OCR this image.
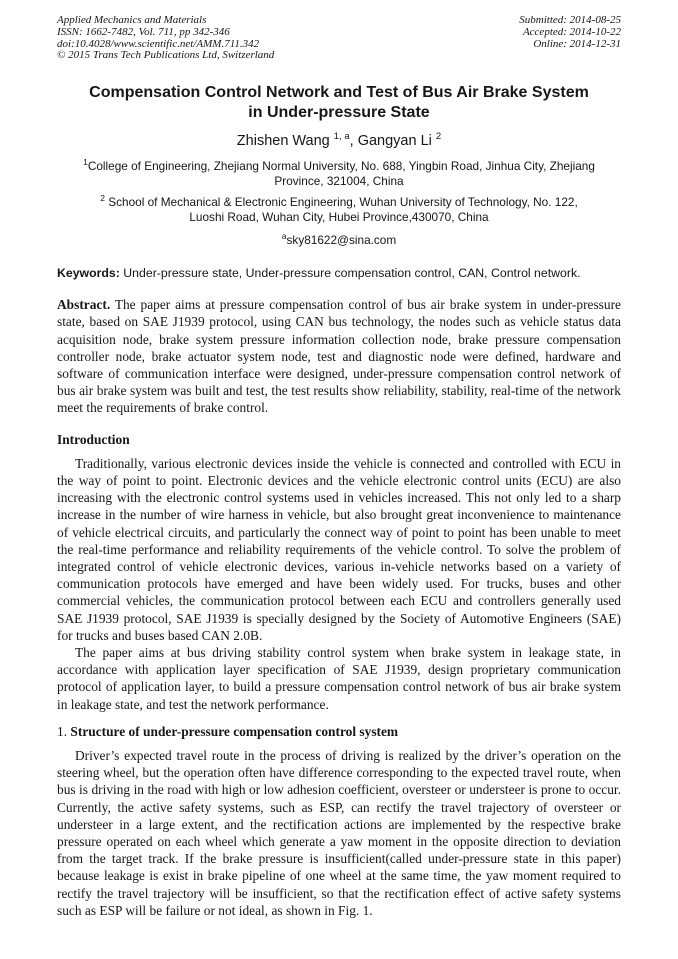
Applied Mechanics and Materials
ISSN: 1662-7482, Vol. 711, pp 342-346
doi:10.4028/www.scientific.net/AMM.711.342
© 2015 Trans Tech Publications Ltd, Switzerland
Submitted: 2014-08-25
Accepted: 2014-10-22
Online: 2014-12-31
Compensation Control Network and Test of Bus Air Brake System
in Under-pressure State
Zhishen Wang $^{1, a}$, Gangyan Li $^2$
$^1$College of Engineering, Zhejiang Normal University, No. 688, Yingbin Road, Jinhua City, Zhejiang Province, 321004, China
$^2$ School of Mechanical & Electronic Engineering, Wuhan University of Technology, No. 122, Luoshi Road, Wuhan City, Hubei Province,430070, China
$^a$sky81622@sina.com
Keywords: Under-pressure state, Under-pressure compensation control, CAN, Control network.

Abstract. The paper aims at pressure compensation control of bus air brake system in under-pressure state, based on SAE J1939 protocol, using CAN bus technology, the nodes such as vehicle status data acquisition node, brake system pressure information collection node, brake pressure compensation controller node, brake actuator system node, test and diagnostic node were defined, hardware and software of communication interface were designed, under-pressure compensation control network of bus air brake system was built and test, the test results show reliability, stability, real-time of the network meet the requirements of brake control.

Introduction

Traditionally, various electronic devices inside the vehicle is connected and controlled with ECU in the way of point to point. Electronic devices and the vehicle electronic control units (ECU) are also increasing with the electronic control systems used in vehicles increased. This not only led to a sharp increase in the number of wire harness in vehicle, but also brought great inconvenience to maintenance of vehicle electrical circuits, and particularly the connect way of point to point has been unable to meet the real-time performance and reliability requirements of the vehicle control. To solve the problem of integrated control of vehicle electronic devices, various in-vehicle networks based on a variety of communication protocols have emerged and have been widely used. For trucks, buses and other commercial vehicles, the communication protocol between each ECU and controllers generally used SAE J1939 protocol, SAE J1939 is specially designed by the Society of Automotive Engineers (SAE) for trucks and buses based CAN 2.0B.

The paper aims at bus driving stability control system when brake system in leakage state, in accordance with application layer specification of SAE J1939, design proprietary communication protocol of application layer, to build a pressure compensation control network of bus air brake system in leakage state, and test the network performance.

1. Structure of under-pressure compensation control system

Driver’s expected travel route in the process of driving is realized by the driver’s operation on the steering wheel, but the operation often have difference corresponding to the expected travel route, when bus is driving in the road with high or low adhesion coefficient, oversteer or understeer is prone to occur. Currently, the active safety systems, such as ESP, can rectify the travel trajectory of oversteer or understeer in a large extent, and the rectification actions are implemented by the respective brake pressure operated on each wheel which generate a yaw moment in the opposite direction to deviation from the target track. If the brake pressure is insufficient(called under-pressure state in this paper) because leakage is exist in brake pipeline of one wheel at the same time, the yaw moment required to rectify the travel trajectory will be insufficient, so that the rectification effect of active safety systems such as ESP will be failure or not ideal, as shown in Fig. 1.
